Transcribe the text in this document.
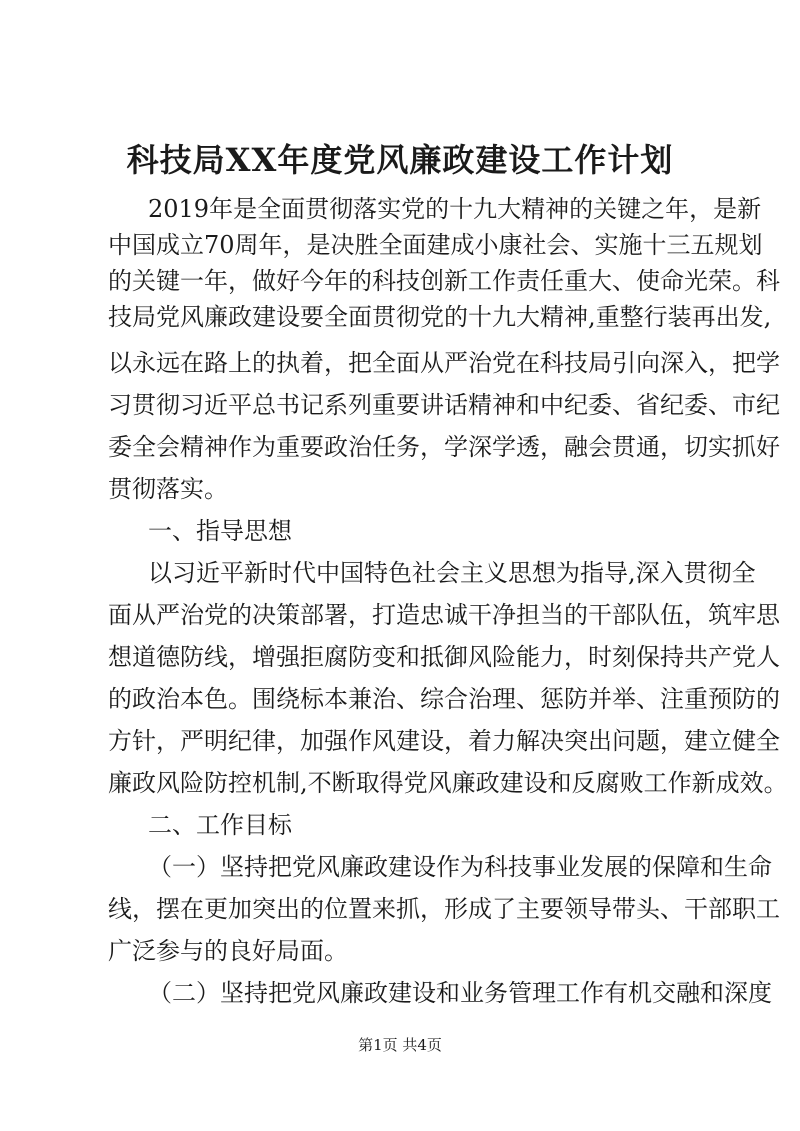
科技局XX年度党风廉政建设工作计划
2019年是全面贯彻落实党的十九大精神的关键之年，是新
中国成立70周年，是决胜全面建成小康社会、实施十三五规划
的关键一年，做好今年的科技创新工作责任重大、使命光荣。科
技局党风廉政建设要全面贯彻党的十九大精神,重整行装再出发,
以永远在路上的执着，把全面从严治党在科技局引向深入，把学
习贯彻习近平总书记系列重要讲话精神和中纪委、省纪委、市纪
委全会精神作为重要政治任务，学深学透，融会贯通，切实抓好
贯彻落实。
一、指导思想
以习近平新时代中国特色社会主义思想为指导,深入贯彻全
面从严治党的决策部署，打造忠诚干净担当的干部队伍，筑牢思
想道德防线，增强拒腐防变和抵御风险能力，时刻保持共产党人
的政治本色。围绕标本兼治、综合治理、惩防并举、注重预防的
方针，严明纪律，加强作风建设，着力解决突出问题，建立健全
廉政风险防控机制,不断取得党风廉政建设和反腐败工作新成效。
二、工作目标
（一）坚持把党风廉政建设作为科技事业发展的保障和生命
线，摆在更加突出的位置来抓，形成了主要领导带头、干部职工
广泛参与的良好局面。
（二）坚持把党风廉政建设和业务管理工作有机交融和深度
第1页 共4页
